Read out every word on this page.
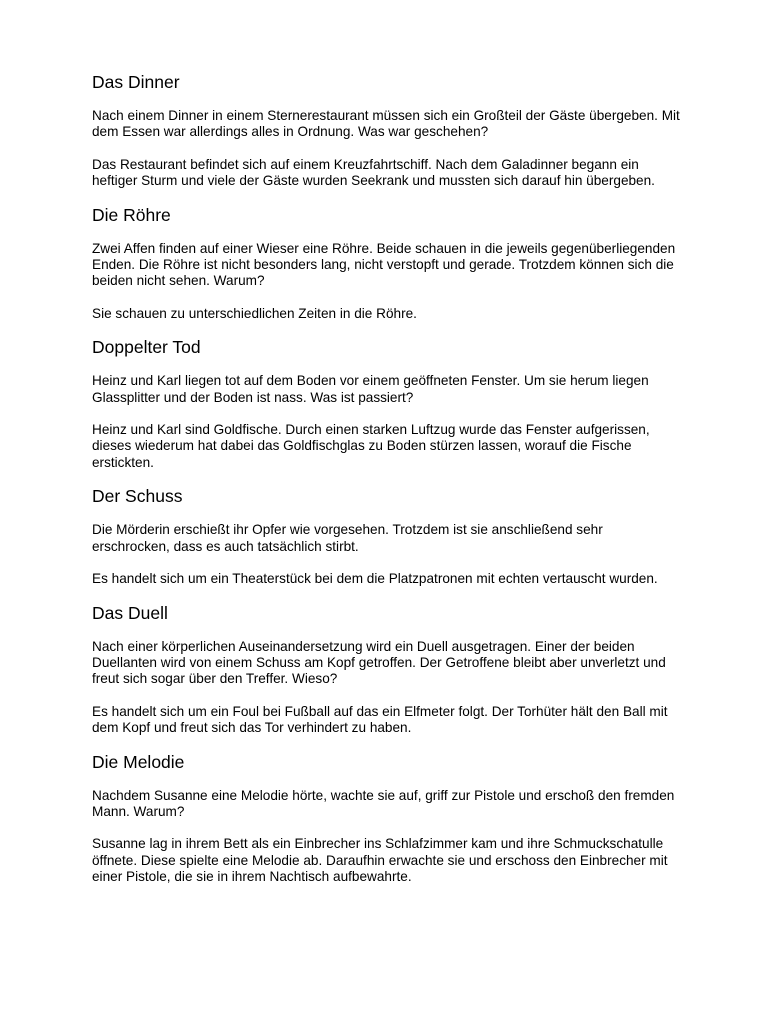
Das Dinner

Nach einem Dinner in einem Sternerestaurant müssen sich ein Großteil der Gäste übergeben. Mit dem Essen war allerdings alles in Ordnung. Was war geschehen?

Das Restaurant befindet sich auf einem Kreuzfahrtschiff. Nach dem Galadinner begann ein heftiger Sturm und viele der Gäste wurden Seekrank und mussten sich darauf hin übergeben.

Die Röhre

Zwei Affen finden auf einer Wieser eine Röhre. Beide schauen in die jeweils gegenüberliegenden Enden. Die Röhre ist nicht besonders lang, nicht verstopft und gerade. Trotzdem können sich die beiden nicht sehen. Warum?

Sie schauen zu unterschiedlichen Zeiten in die Röhre.

Doppelter Tod

Heinz und Karl liegen tot auf dem Boden vor einem geöffneten Fenster. Um sie herum liegen Glassplitter und der Boden ist nass. Was ist passiert?

Heinz und Karl sind Goldfische. Durch einen starken Luftzug wurde das Fenster aufgerissen, dieses wiederum hat dabei das Goldfischglas zu Boden stürzen lassen, worauf die Fische erstickten.

Der Schuss

Die Mörderin erschießt ihr Opfer wie vorgesehen. Trotzdem ist sie anschließend sehr erschrocken, dass es auch tatsächlich stirbt.

Es handelt sich um ein Theaterstück bei dem die Platzpatronen mit echten vertauscht wurden.

Das Duell

Nach einer körperlichen Auseinandersetzung wird ein Duell ausgetragen. Einer der beiden Duellanten wird von einem Schuss am Kopf getroffen. Der Getroffene bleibt aber unverletzt und freut sich sogar über den Treffer. Wieso?

Es handelt sich um ein Foul bei Fußball auf das ein Elfmeter folgt. Der Torhüter hält den Ball mit dem Kopf und freut sich das Tor verhindert zu haben.

Die Melodie

Nachdem Susanne eine Melodie hörte, wachte sie auf, griff zur Pistole und erschoß den fremden Mann. Warum?

Susanne lag in ihrem Bett als ein Einbrecher ins Schlafzimmer kam und ihre Schmuckschatulle öffnete. Diese spielte eine Melodie ab. Daraufhin erwachte sie und erschoss den Einbrecher mit einer Pistole, die sie in ihrem Nachtisch aufbewahrte.
